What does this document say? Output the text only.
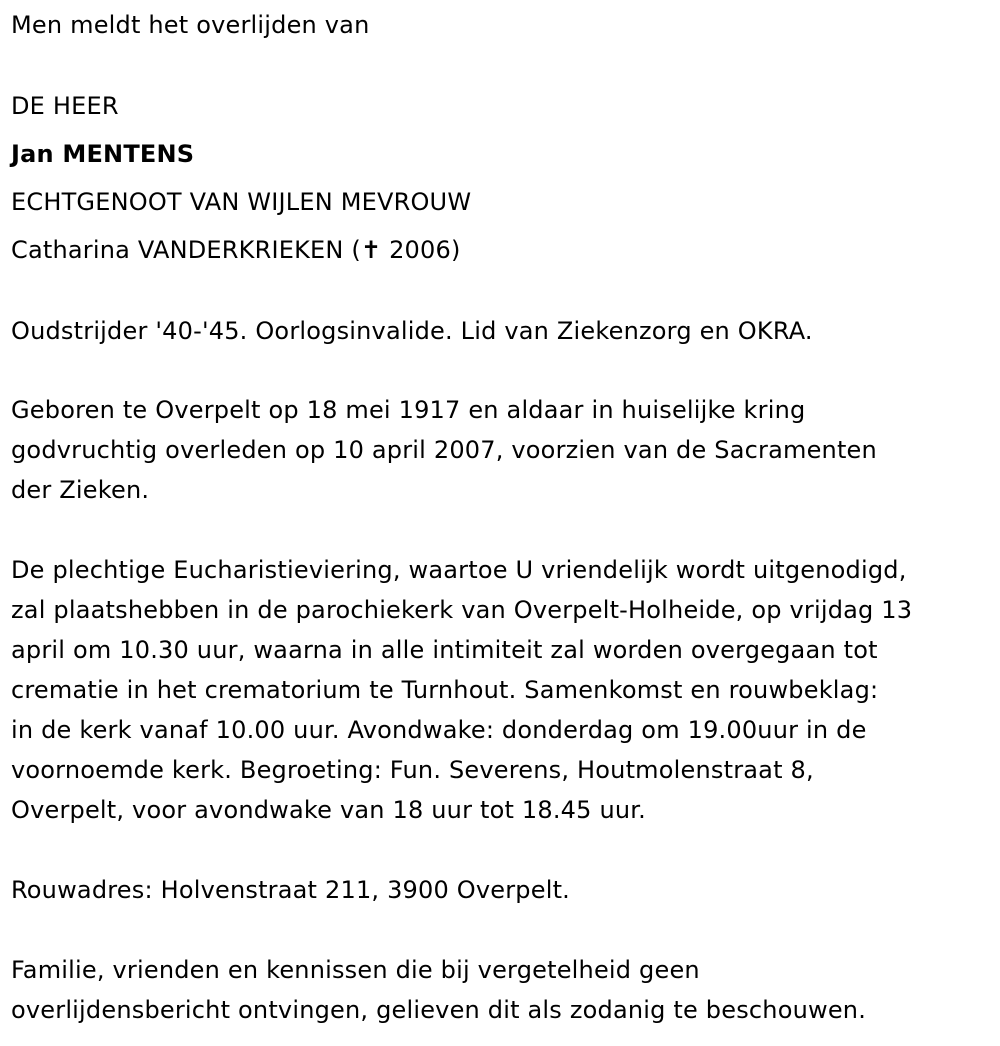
Men meldt het overlijden van
DE HEER
Jan MENTENS
ECHTGENOOT VAN WIJLEN MEVROUW
Catharina VANDERKRIEKEN (✝ 2006)
Oudstrijder '40-'45. Oorlogsinvalide. Lid van Ziekenzorg en OKRA.
Geboren te Overpelt op 18 mei 1917 en aldaar in huiselijke kring
godvruchtig overleden op 10 april 2007, voorzien van de Sacramenten
der Zieken.
De plechtige Eucharistieviering, waartoe U vriendelijk wordt uitgenodigd,
zal plaatshebben in de parochiekerk van Overpelt-Holheide, op vrijdag 13
april om 10.30 uur, waarna in alle intimiteit zal worden overgegaan tot
crematie in het crematorium te Turnhout. Samenkomst en rouwbeklag:
in de kerk vanaf 10.00 uur. Avondwake: donderdag om 19.00uur in de
voornoemde kerk. Begroeting: Fun. Severens, Houtmolenstraat 8,
Overpelt, voor avondwake van 18 uur tot 18.45 uur.
Rouwadres: Holvenstraat 211, 3900 Overpelt.
Familie, vrienden en kennissen die bij vergetelheid geen
overlijdensbericht ontvingen, gelieven dit als zodanig te beschouwen.
